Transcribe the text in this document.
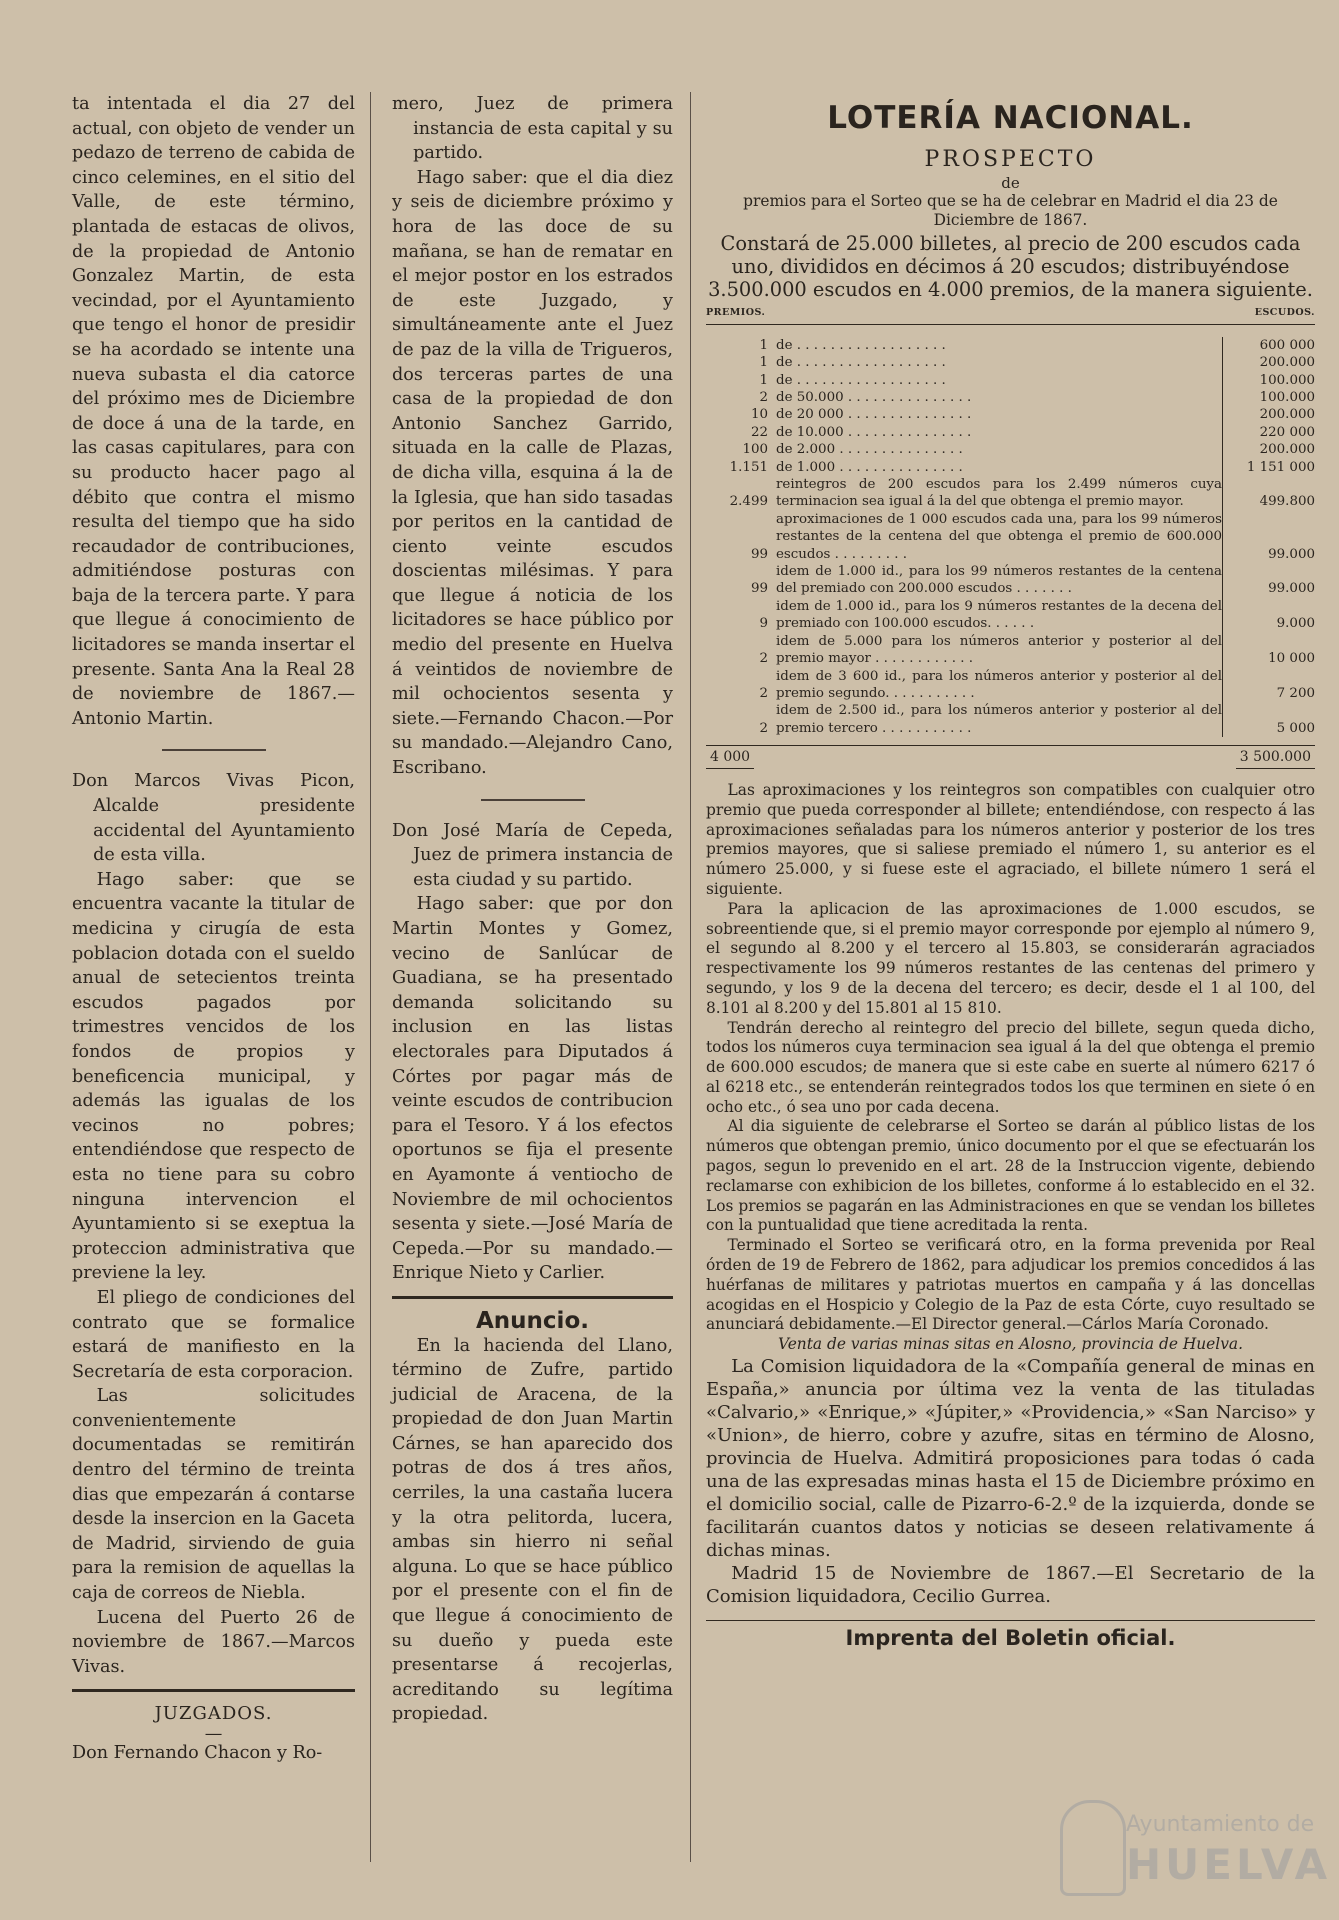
ta intentada el dia 27 del actual, con objeto de vender un pedazo de terreno de cabida de cinco celemines, en el sitio del Valle, de este término, plantada de estacas de olivos, de la propiedad de Antonio Gonzalez Martin, de esta vecindad, por el Ayuntamiento que tengo el honor de presidir se ha acordado se intente una nueva subasta el dia catorce del próximo mes de Diciembre de doce á una de la tarde, en las casas capitulares, para con su producto hacer pago al débito que contra el mismo resulta del tiempo que ha sido recaudador de contribuciones, admitiéndose posturas con baja de la tercera parte. Y para que llegue á conocimiento de licitadores se manda insertar el presente. Santa Ana la Real 28 de noviembre de 1867.—Antonio Martin.

Don Marcos Vivas Picon, Alcalde presidente accidental del Ayuntamiento de esta villa.

Hago saber: que se encuentra vacante la titular de medicina y cirugía de esta poblacion dotada con el sueldo anual de setecientos treinta escudos pagados por trimestres vencidos de los fondos de propios y beneficencia municipal, y además las igualas de los vecinos no pobres; entendiéndose que respecto de esta no tiene para su cobro ninguna intervencion el Ayuntamiento si se exeptua la proteccion administrativa que previene la ley.

El pliego de condiciones del contrato que se formalice estará de manifiesto en la Secretaría de esta corporacion.

Las solicitudes convenientemente documentadas se remitirán dentro del término de treinta dias que empezarán á contarse desde la insercion en la Gaceta de Madrid, sirviendo de guia para la remision de aquellas la caja de correos de Niebla.

Lucena del Puerto 26 de noviembre de 1867.—Marcos Vivas.

JUZGADOS.

—

Don Fernando Chacon y Ro-

mero, Juez de primera instancia de esta capital y su partido.

Hago saber: que el dia diez y seis de diciembre próximo y hora de las doce de su mañana, se han de rematar en el mejor postor en los estrados de este Juzgado, y simultáneamente ante el Juez de paz de la villa de Trigueros, dos terceras partes de una casa de la propiedad de don Antonio Sanchez Garrido, situada en la calle de Plazas, de dicha villa, esquina á la de la Iglesia, que han sido tasadas por peritos en la cantidad de ciento veinte escudos doscientas milésimas. Y para que llegue á noticia de los licitadores se hace público por medio del presente en Huelva á veintidos de noviembre de mil ochocientos sesenta y siete.—Fernando Chacon.—Por su mandado.—Alejandro Cano, Escribano.

Don José María de Cepeda, Juez de primera instancia de esta ciudad y su partido.

Hago saber: que por don Martin Montes y Gomez, vecino de Sanlúcar de Guadiana, se ha presentado demanda solicitando su inclusion en las listas electorales para Diputados á Córtes por pagar más de veinte escudos de contribucion para el Tesoro. Y á los efectos oportunos se fija el presente en Ayamonte á ventiocho de Noviembre de mil ochocientos sesenta y siete.—José María de Cepeda.—Por su mandado.—Enrique Nieto y Carlier.

Anuncio.

En la hacienda del Llano, término de Zufre, partido judicial de Aracena, de la propiedad de don Juan Martin Cárnes, se han aparecido dos potras de dos á tres años, cerriles, la una castaña lucera y la otra pelitorda, lucera, ambas sin hierro ni señal alguna. Lo que se hace público por el presente con el fin de que llegue á conocimiento de su dueño y pueda este presentarse á recojerlas, acreditando su legítima propiedad.

LOTERÍA NACIONAL.
PROSPECTO
de
premios para el Sorteo que se ha de celebrar en Madrid el dia 23 de Diciembre de 1867.
Constará de 25.000 billetes, al precio de 200 escudos cada uno, divididos en décimos á 20 escudos; distribuyéndose 3.500.000 escudos en 4.000 premios, de la manera siguiente.
PREMIOS.	ESCUDOS.
1	de . . . . . . . . . . . . . . . . . .	600 000
1	de . . . . . . . . . . . . . . . . . .	200.000
1	de . . . . . . . . . . . . . . . . . .	100.000
2	de 50.000 . . . . . . . . . . . . . . .	100.000
10	de 20 000 . . . . . . . . . . . . . . .	200.000
22	de 10.000 . . . . . . . . . . . . . . .	220 000
100	de 2.000 . . . . . . . . . . . . . . .	200.000
1.151	de 1.000 . . . . . . . . . . . . . . .	1 151 000
2.499	reintegros de 200 escudos para los 2.499 números cuya terminacion sea igual á la del que obtenga el premio mayor.	499.800
99	aproximaciones de 1 000 escudos cada una, para los 99 números restantes de la centena del que obtenga el premio de 600.000 escudos . . . . . . . . .	99.000
99	idem de 1.000 id., para los 99 números restantes de la centena del premiado con 200.000 escudos . . . . . . .	99.000
9	idem de 1.000 id., para los 9 números restantes de la decena del premiado con 100.000 escudos. . . . . .	9.000
2	idem de 5.000 para los números anterior y posterior al del premio mayor . . . . . . . . . . . .	10 000
2	idem de 3 600 id., para los números anterior y posterior al del premio segundo. . . . . . . . . . .	7 200
2	idem de 2.500 id., para los números anterior y posterior al del premio tercero . . . . . . . . . . .	5 000
4 000	3 500.000

Las aproximaciones y los reintegros son compatibles con cualquier otro premio que pueda corresponder al billete; entendiéndose, con respecto á las aproximaciones señaladas para los números anterior y posterior de los tres premios mayores, que si saliese premiado el número 1, su anterior es el número 25.000, y si fuese este el agraciado, el billete número 1 será el siguiente.

Para la aplicacion de las aproximaciones de 1.000 escudos, se sobreentiende que, si el premio mayor corresponde por ejemplo al número 9, el segundo al 8.200 y el tercero al 15.803, se considerarán agraciados respectivamente los 99 números restantes de las centenas del primero y segundo, y los 9 de la decena del tercero; es decir, desde el 1 al 100, del 8.101 al 8.200 y del 15.801 al 15 810.

Tendrán derecho al reintegro del precio del billete, segun queda dicho, todos los números cuya terminacion sea igual á la del que obtenga el premio de 600.000 escudos; de manera que si este cabe en suerte al número 6217 ó al 6218 etc., se entenderán reintegrados todos los que terminen en siete ó en ocho etc., ó sea uno por cada decena.

Al dia siguiente de celebrarse el Sorteo se darán al público listas de los números que obtengan premio, único documento por el que se efectuarán los pagos, segun lo prevenido en el art. 28 de la Instruccion vigente, debiendo reclamarse con exhibicion de los billetes, conforme á lo establecido en el 32. Los premios se pagarán en las Administraciones en que se vendan los billetes con la puntualidad que tiene acreditada la renta.

Terminado el Sorteo se verificará otro, en la forma prevenida por Real órden de 19 de Febrero de 1862, para adjudicar los premios concedidos á las huérfanas de militares y patriotas muertos en campaña y á las doncellas acogidas en el Hospicio y Colegio de la Paz de esta Córte, cuyo resultado se anunciará debidamente.—El Director general.—Cárlos María Coronado.

Venta de varias minas sitas en Alosno, provincia de Huelva.

La Comision liquidadora de la «Compañía general de minas en España,» anuncia por última vez la venta de las tituladas «Calvario,» «Enrique,» «Júpiter,» «Providencia,» «San Narciso» y «Union», de hierro, cobre y azufre, sitas en término de Alosno, provincia de Huelva. Admitirá proposiciones para todas ó cada una de las expresadas minas hasta el 15 de Diciembre próximo en el domicilio social, calle de Pizarro-6-2.º de la izquierda, donde se facilitarán cuantos datos y noticias se deseen relativamente á dichas minas.

Madrid 15 de Noviembre de 1867.—El Secretario de la Comision liquidadora, Cecilio Gurrea.

Imprenta del Boletin oficial.

Ayuntamiento de
HUELVA
